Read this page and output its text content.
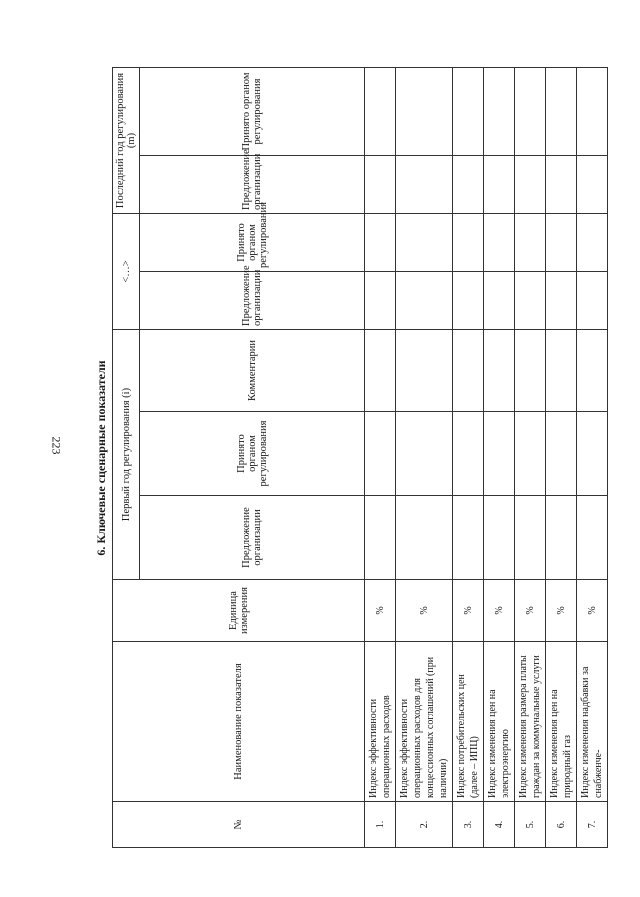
223	6. Ключевые сценарные показатели
№	Наименование показателя	Единица измерения	Первый год регулирования (i)			<…>		Последний год регулирования (m)	
			Предложение организации	Принято органом регулирования	Комментарии	Предложение организации	Принято органом регулирования	Предложение организации	Принято органом регулирования
1.	Индекс эффективности операционных расходов	%							
2.	Индекс эффективности операционных расходов для концессионных соглашений (при наличии)	%							
3.	Индекс потребительских цен (далее – ИПЦ)	%							
4.	Индекс изменения цен на электроэнергию	%							
5.	Индекс изменения размера платы граждан за коммунальные услуги	%							
6.	Индекс изменения цен на природный газ	%							
7.	Индекс изменения надбавки за снабженче-	%							
